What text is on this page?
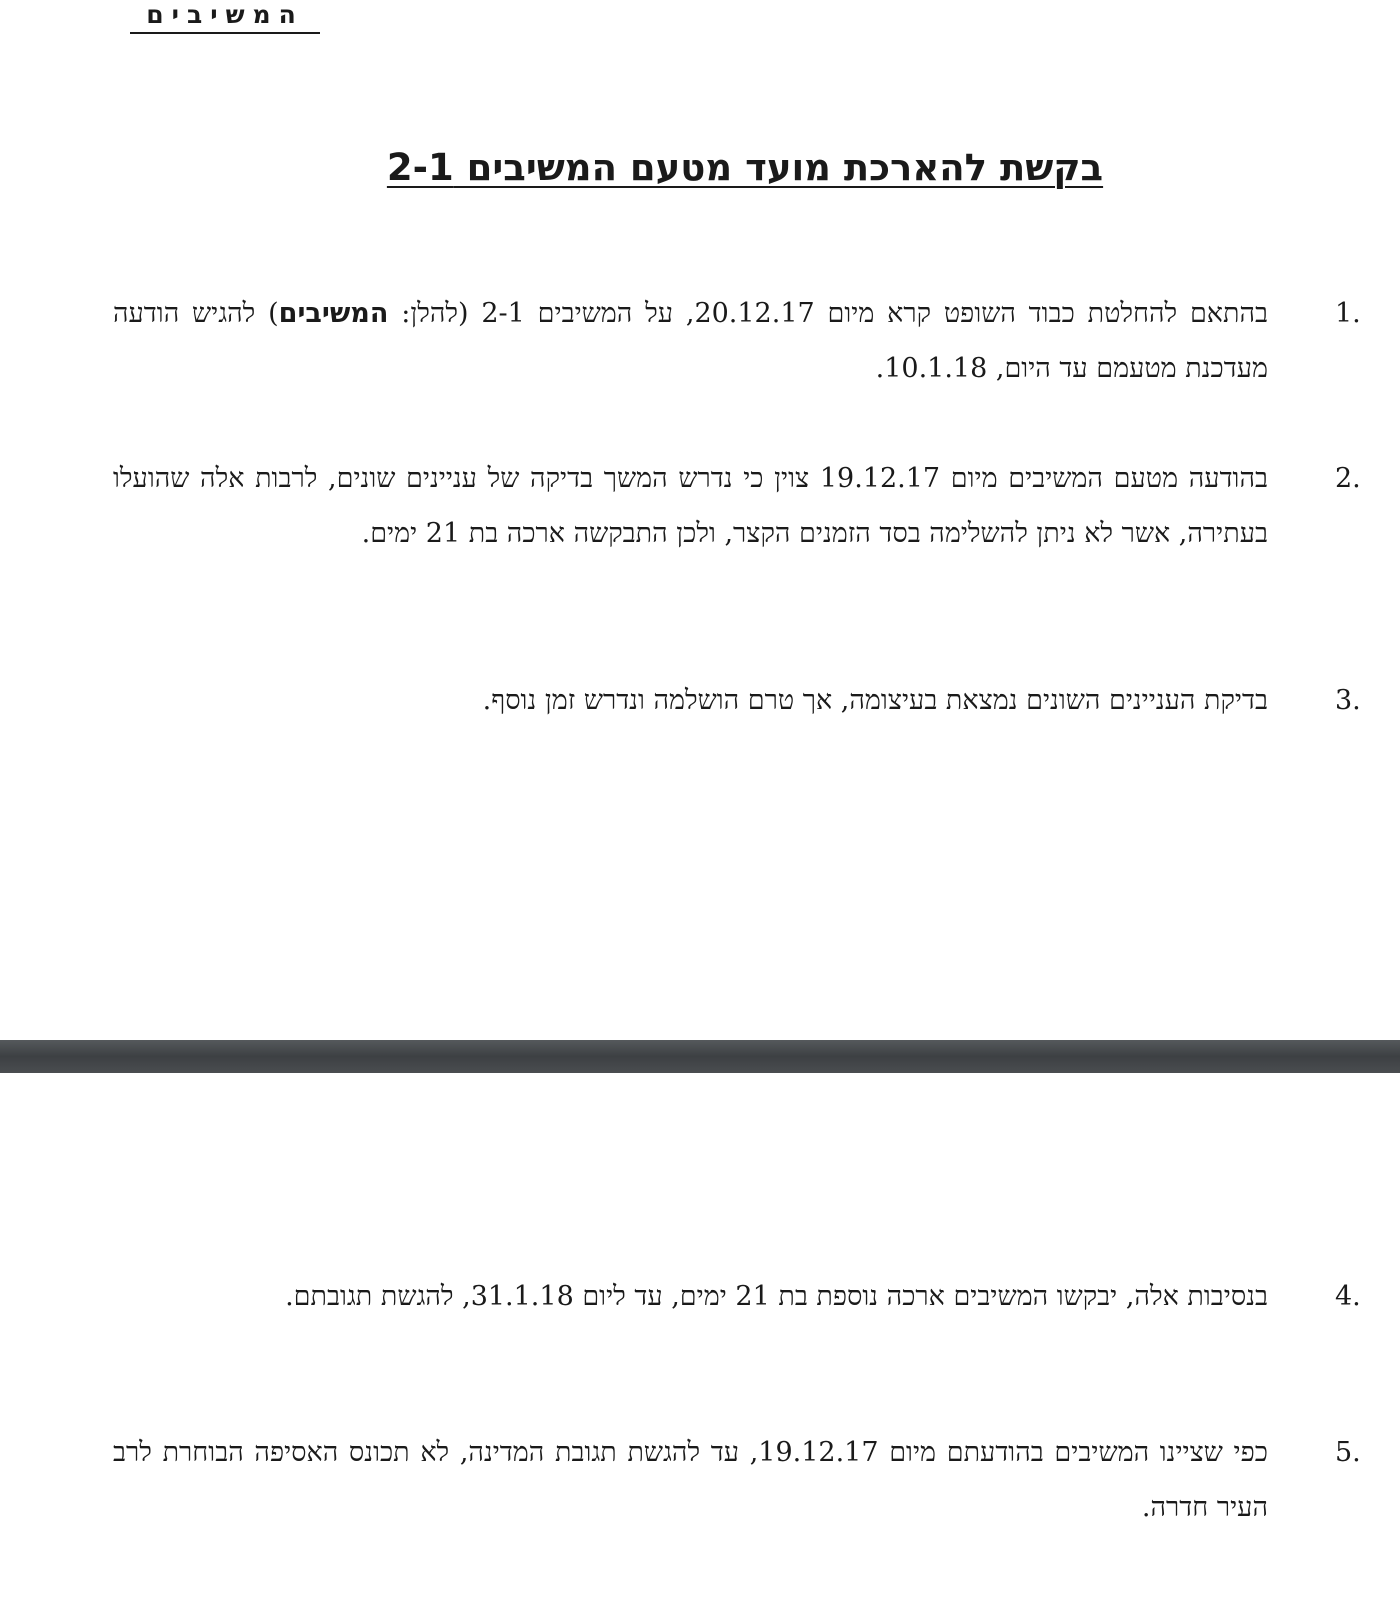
המשיבים
בקשת להארכת מועד מטעם המשיבים 2-1
1.
בהתאם להחלטת כבוד השופט קרא מיום 20.12.17, על המשיבים 2-1 (להלן: המשיבים) להגיש הודעה מעדכנת מטעמם עד היום, 10.1.18.
2.
בהודעה מטעם המשיבים מיום 19.12.17 צוין כי נדרש המשך בדיקה של עניינים שונים, לרבות אלה שהועלו בעתירה, אשר לא ניתן להשלימה בסד הזמנים הקצר, ולכן התבקשה ארכה בת 21 ימים.
3.
בדיקת העניינים השונים נמצאת בעיצומה, אך טרם הושלמה ונדרש זמן נוסף.
4.
בנסיבות אלה, יבקשו המשיבים ארכה נוספת בת 21 ימים, עד ליום 31.1.18, להגשת תגובתם.
5.
כפי שציינו המשיבים בהודעתם מיום 19.12.17, עד להגשת תגובת המדינה, לא תכונס האסיפה הבוחרת לרב העיר חדרה.
